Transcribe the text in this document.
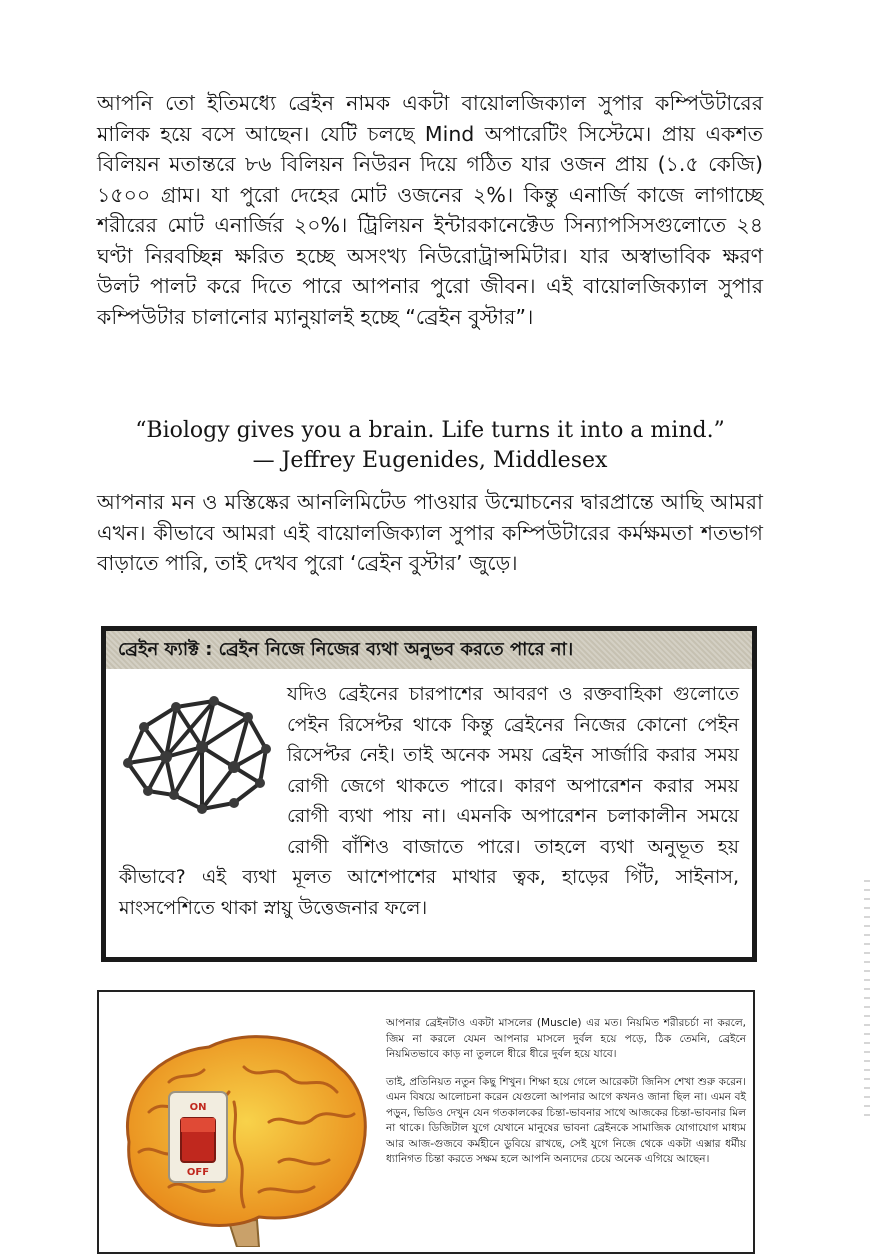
আপনি তো ইতিমধ্যে ব্রেইন নামক একটা বায়োলজিক্যাল সুপার কম্পিউটারের মালিক হয়ে বসে আছেন। যেটি চলছে Mind অপারেটিং সিস্টেমে। প্রায় একশত বিলিয়ন মতান্তরে ৮৬ বিলিয়ন নিউরন দিয়ে গঠিত যার ওজন প্রায় (১.৫ কেজি) ১৫০০ গ্রাম। যা পুরো দেহের মোট ওজনের ২%। কিন্তু এনার্জি কাজে লাগাচ্ছে শরীরের মোট এনার্জির ২০%। ট্রিলিয়ন ইন্টারকানেক্টেড সিন্যাপসিসগুলোতে ২৪ ঘণ্টা নিরবচ্ছিন্ন ক্ষরিত হচ্ছে অসংখ্য নিউরোট্রান্সমিটার। যার অস্বাভাবিক ক্ষরণ উলট পালট করে দিতে পারে আপনার পুরো জীবন। এই বায়োলজিক্যাল সুপার কম্পিউটার চালানোর ম্যানুয়ালই হচ্ছে “ব্রেইন বুস্টার”।

“Biology gives you a brain. Life turns it into a mind.”
— Jeffrey Eugenides, Middlesex

আপনার মন ও মস্তিষ্কের আনলিমিটেড পাওয়ার উন্মোচনের দ্বারপ্রান্তে আছি আমরা এখন। কীভাবে আমরা এই বায়োলজিক্যাল সুপার কম্পিউটারের কর্মক্ষমতা শতভাগ বাড়াতে পারি, তাই দেখব পুরো ‘ব্রেইন বুস্টার’ জুড়ে।

ব্রেইন ফ্যাক্ট : ব্রেইন নিজে নিজের ব্যথা অনুভব করতে পারে না।

যদিও ব্রেইনের চারপাশের আবরণ ও রক্তবাহিকা গুলোতে পেইন রিসেপ্টর থাকে কিন্তু ব্রেইনের নিজের কোনো পেইন রিসেপ্টর নেই। তাই অনেক সময় ব্রেইন সার্জারি করার সময় রোগী জেগে থাকতে পারে। কারণ অপারেশন করার সময় রোগী ব্যথা পায় না। এমনকি অপারেশন চলাকালীন সময়ে রোগী বাঁশিও বাজাতে পারে। তাহলে ব্যথা অনুভূত হয় কীভাবে? এই ব্যথা মূলত আশেপাশের মাথার ত্বক, হাড়ের গিঁট, সাইনাস, মাংসপেশিতে থাকা স্নায়ু উত্তেজনার ফলে।

ON
OFF

আপনার ব্রেইনটাও একটা মাসলের (Muscle) এর মত। নিয়মিত শরীরচর্চা না করলে, জিম না করলে যেমন আপনার মাসলে দুর্বল হয়ে পড়ে, ঠিক তেমনি, ব্রেইনে নিয়মিতভাবে কাড় না তুললে ধীরে ধীরে দুর্বল হয়ে যাবে।

তাই, প্রতিনিয়ত নতুন কিছু শিখুন। শিক্ষা হয়ে গেলে আরেকটা জিনিস শেখা শুরু করেন। এমন বিষয়ে আলোচনা করেন যেগুলো আপনার আগে কখনও জানা ছিল না। এমন বই পড়ুন, ভিডিও দেখুন যেন গতকালকের চিন্তা-ভাবনার সাথে আজকের চিন্তা-ভাবনার মিল না থাকে। ডিজিটাল যুগে যেখানে মানুষের ভাবনা ব্রেইনকে সামাজিক যোগাযোগ মাধ্যম আর আজ-গুজবে কর্মহীনে ডুবিয়ে রাখছে, সেই যুগে নিজে থেকে একটা এক্সার ধর্মীয় ধ্যানিগত চিন্তা করতে সক্ষম হলে আপনি অন্যদের চেয়ে অনেক এগিয়ে আছেন।
